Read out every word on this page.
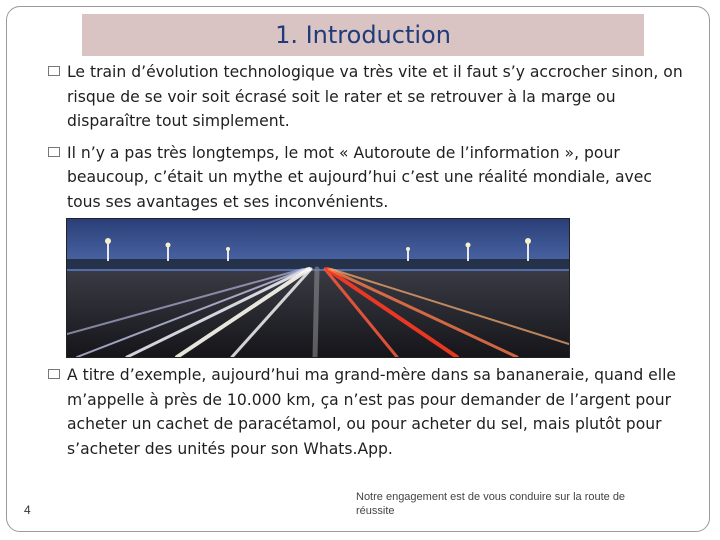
1. Introduction
Le train d’évolution technologique va très vite et il faut s’y accrocher sinon, on risque de se voir soit écrasé soit le rater et se retrouver à la marge ou disparaître tout simplement.
Il n’y a pas très longtemps, le mot « Autoroute de l’information », pour beaucoup, c’était un mythe et aujourd’hui c’est une réalité mondiale, avec tous ses avantages et ses inconvénients.
A titre d’exemple, aujourd’hui ma grand-mère dans sa bananeraie, quand elle m’appelle à près de 10.000 km, ça n’est pas pour demander de l’argent pour acheter un cachet de paracétamol, ou pour acheter du sel, mais plutôt pour s’acheter des unités pour son Whats.App.
Notre engagement est de vous conduire sur la route de réussite
4
